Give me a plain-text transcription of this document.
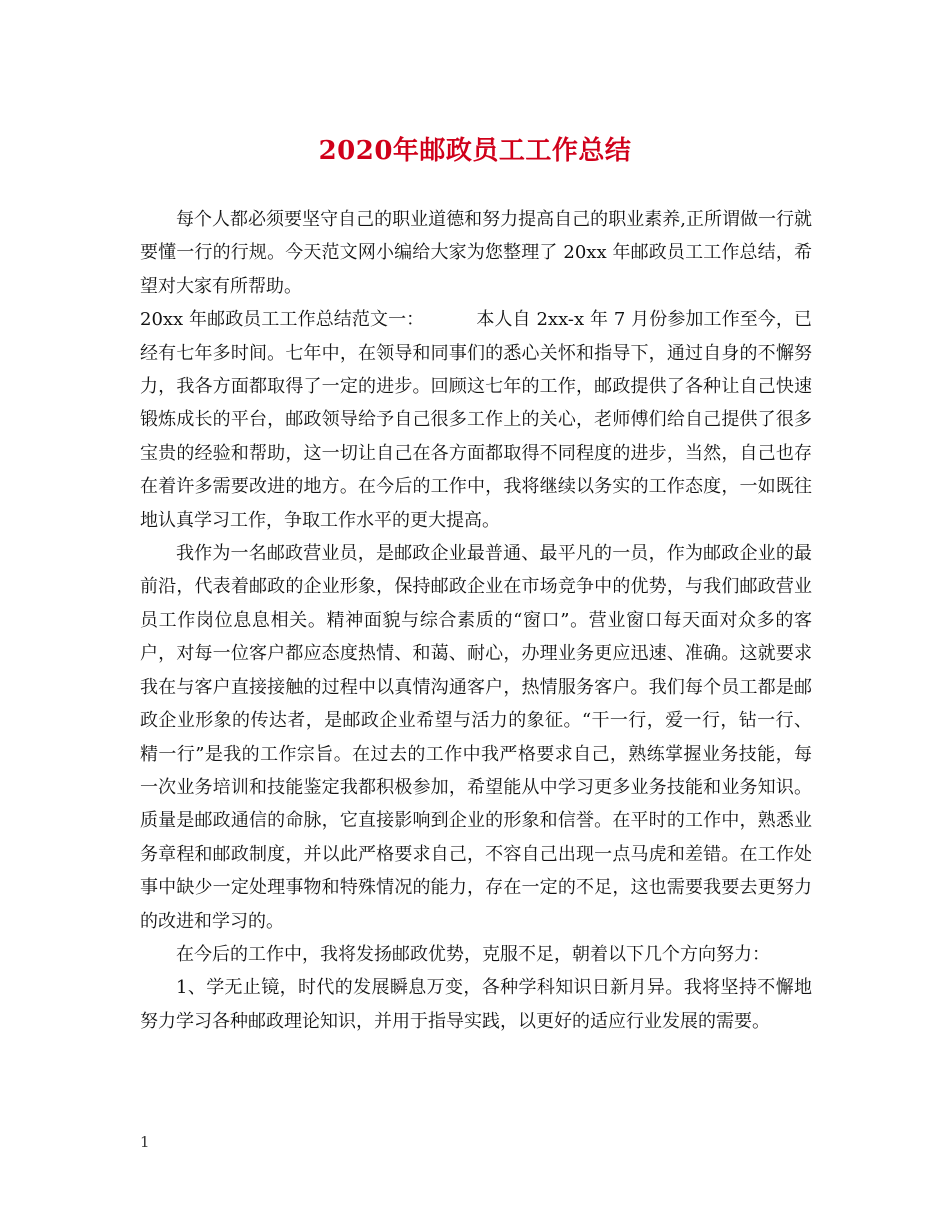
2020年邮政员工工作总结

每个人都必须要坚守自己的职业道德和努力提高自己的职业素养,正所谓做一行就要懂一行的行规。今天范文网小编给大家为您整理了 20xx 年邮政员工工作总结，希望对大家有所帮助。

20xx 年邮政员工工作总结范文一：	本人自 2xx-x 年 7 月份参加工作至今，已经有七年多时间。七年中，在领导和同事们的悉心关怀和指导下，通过自身的不懈努力，我各方面都取得了一定的进步。回顾这七年的工作，邮政提供了各种让自己快速锻炼成长的平台，邮政领导给予自己很多工作上的关心，老师傅们给自己提供了很多宝贵的经验和帮助，这一切让自己在各方面都取得不同程度的进步，当然，自己也存在着许多需要改进的地方。在今后的工作中，我将继续以务实的工作态度，一如既往地认真学习工作，争取工作水平的更大提高。

我作为一名邮政营业员，是邮政企业最普通、最平凡的一员，作为邮政企业的最前沿，代表着邮政的企业形象，保持邮政企业在市场竞争中的优势，与我们邮政营业员工作岗位息息相关。精神面貌与综合素质的“窗口”。营业窗口每天面对众多的客户，对每一位客户都应态度热情、和蔼、耐心，办理业务更应迅速、准确。这就要求我在与客户直接接触的过程中以真情沟通客户，热情服务客户。我们每个员工都是邮政企业形象的传达者，是邮政企业希望与活力的象征。“干一行，爱一行，钻一行、精一行”是我的工作宗旨。在过去的工作中我严格要求自己，熟练掌握业务技能，每一次业务培训和技能鉴定我都积极参加，希望能从中学习更多业务技能和业务知识。质量是邮政通信的命脉，它直接影响到企业的形象和信誉。在平时的工作中，熟悉业务章程和邮政制度，并以此严格要求自己，不容自己出现一点马虎和差错。在工作处事中缺少一定处理事物和特殊情况的能力，存在一定的不足，这也需要我要去更努力的改进和学习的。

在今后的工作中，我将发扬邮政优势，克服不足，朝着以下几个方向努力：

1、学无止镜，时代的发展瞬息万变，各种学科知识日新月异。我将坚持不懈地努力学习各种邮政理论知识，并用于指导实践，以更好的适应行业发展的需要。

1
